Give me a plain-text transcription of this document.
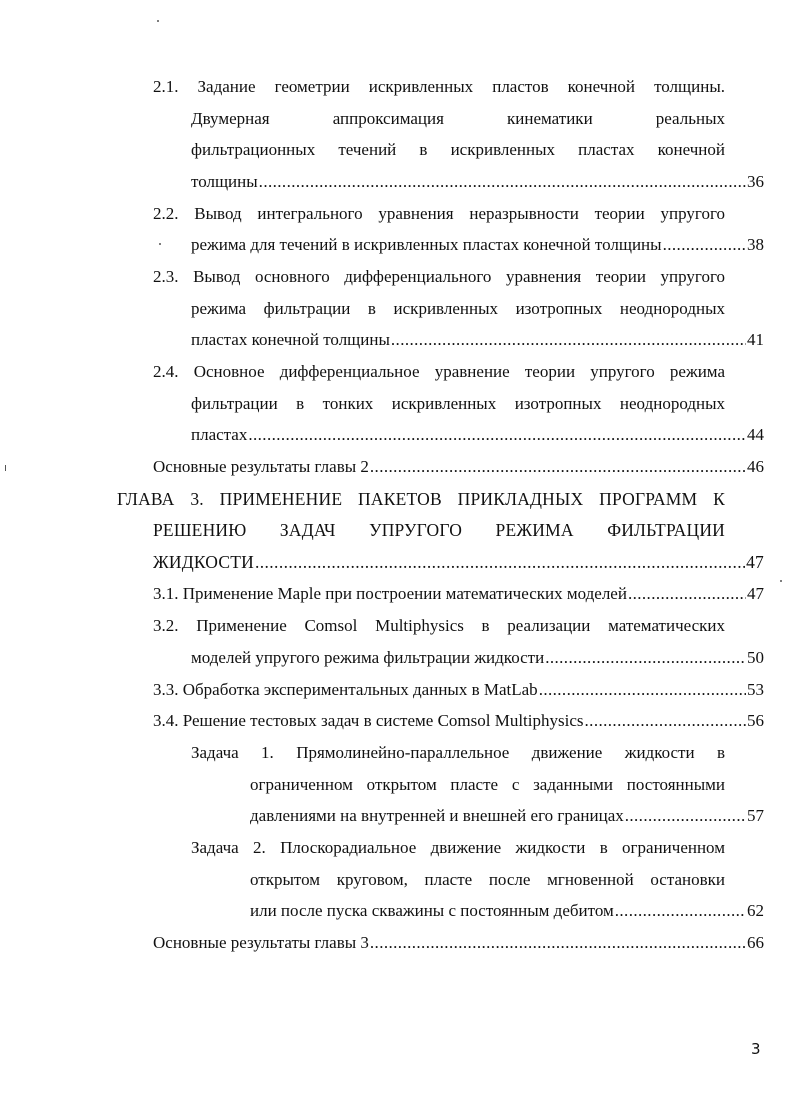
2.1. Задание геометрии искривленных пластов конечной толщины.
Двумерная аппроксимация кинематики реальных
фильтрационных течений в искривленных пластах конечной
толщины .....	36
2.2. Вывод интегрального уравнения неразрывности теории упругого
режима для течений в искривленных пластах конечной толщины .....	38
2.3. Вывод основного дифференциального уравнения теории упругого
режима фильтрации в искривленных изотропных неоднородных
пластах конечной толщины .....	41
2.4. Основное дифференциальное уравнение теории упругого режима
фильтрации в тонких искривленных изотропных неоднородных
пластах .....	44
Основные результаты главы 2 .....	46
ГЛАВА 3. ПРИМЕНЕНИЕ ПАКЕТОВ ПРИКЛАДНЫХ ПРОГРАММ К
РЕШЕНИЮ ЗАДАЧ УПРУГОГО РЕЖИМА ФИЛЬТРАЦИИ
ЖИДКОСТИ .....	47
3.1. Применение Maple при построении математических моделей .....	47
3.2. Применение Comsol Multiphysics в реализации математических
моделей упругого режима фильтрации жидкости .....	50
3.3. Обработка экспериментальных данных в MatLab .....	53
3.4. Решение тестовых задач в системе Comsol Multiphysics .....	56
Задача 1. Прямолинейно-параллельное движение жидкости в
ограниченном открытом пласте с заданными постоянными
давлениями на внутренней и внешней его границах .....	57
Задача 2. Плоскорадиальное движение жидкости в ограниченном
открытом круговом, пласте после мгновенной остановки
или после пуска скважины с постоянным дебитом .....	62
Основные результаты главы 3 .....	66
3
